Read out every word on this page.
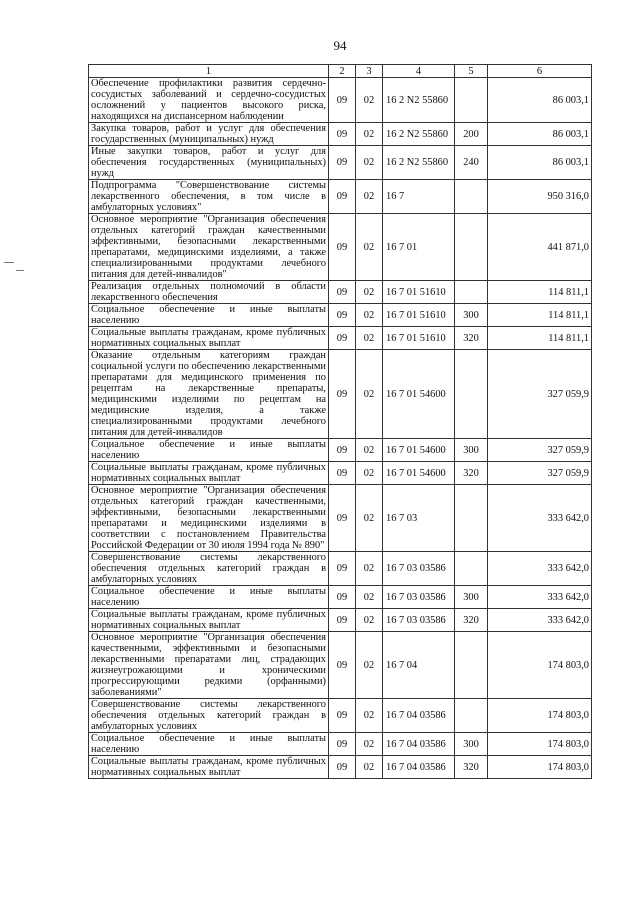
94
1	2	3	4	5	6
Обеспечение профилактики развития сердечно-сосудистых заболеваний и сердечно-сосудистых осложнений у пациентов высокого риска, находящихся на диспансерном наблюдении	09	02	16 2 N2 55860		86 003,1
Закупка товаров, работ и услуг для обеспечения государственных (муниципальных) нужд	09	02	16 2 N2 55860	200	86 003,1
Иные закупки товаров, работ и услуг для обеспечения государственных (муниципальных) нужд	09	02	16 2 N2 55860	240	86 003,1
Подпрограмма "Совершенствование системы лекарственного обеспечения, в том числе в амбулаторных условиях"	09	02	16 7		950 316,0
Основное мероприятие "Организация обеспечения отдельных категорий граждан качественными эффективными, безопасными лекарственными препаратами, медицинскими изделиями, а также специализированными продуктами лечебного питания для детей-инвалидов"	09	02	16 7 01		441 871,0
Реализация отдельных полномочий в области лекарственного обеспечения	09	02	16 7 01 51610		114 811,1
Социальное обеспечение и иные выплаты населению	09	02	16 7 01 51610	300	114 811,1
Социальные выплаты гражданам, кроме публичных нормативных социальных выплат	09	02	16 7 01 51610	320	114 811,1
Оказание отдельным категориям граждан социальной услуги по обеспечению лекарственными препаратами для медицинского применения по рецептам на лекарственные препараты, медицинскими изделиями по рецептам на медицинские изделия, а также специализированными продуктами лечебного питания для детей-инвалидов	09	02	16 7 01 54600		327 059,9
Социальное обеспечение и иные выплаты населению	09	02	16 7 01 54600	300	327 059,9
Социальные выплаты гражданам, кроме публичных нормативных социальных выплат	09	02	16 7 01 54600	320	327 059,9
Основное мероприятие "Организация обеспечения отдельных категорий граждан качественными, эффективными, безопасными лекарственными препаратами и медицинскими изделиями в соответствии с постановлением Правительства Российской Федерации от 30 июля 1994 года № 890"	09	02	16 7 03		333 642,0
Совершенствование системы лекарственного обеспечения отдельных категорий граждан в амбулаторных условиях	09	02	16 7 03 03586		333 642,0
Социальное обеспечение и иные выплаты населению	09	02	16 7 03 03586	300	333 642,0
Социальные выплаты гражданам, кроме публичных нормативных социальных выплат	09	02	16 7 03 03586	320	333 642,0
Основное мероприятие "Организация обеспечения качественными, эффективными и безопасными лекарственными препаратами лиц, страдающих жизнеугрожающими и хроническими прогрессирующими редкими (орфанными) заболеваниями"	09	02	16 7 04		174 803,0
Совершенствование системы лекарственного обеспечения отдельных категорий граждан в амбулаторных условиях	09	02	16 7 04 03586		174 803,0
Социальное обеспечение и иные выплаты населению	09	02	16 7 04 03586	300	174 803,0
Социальные выплаты гражданам, кроме публичных нормативных социальных выплат	09	02	16 7 04 03586	320	174 803,0
